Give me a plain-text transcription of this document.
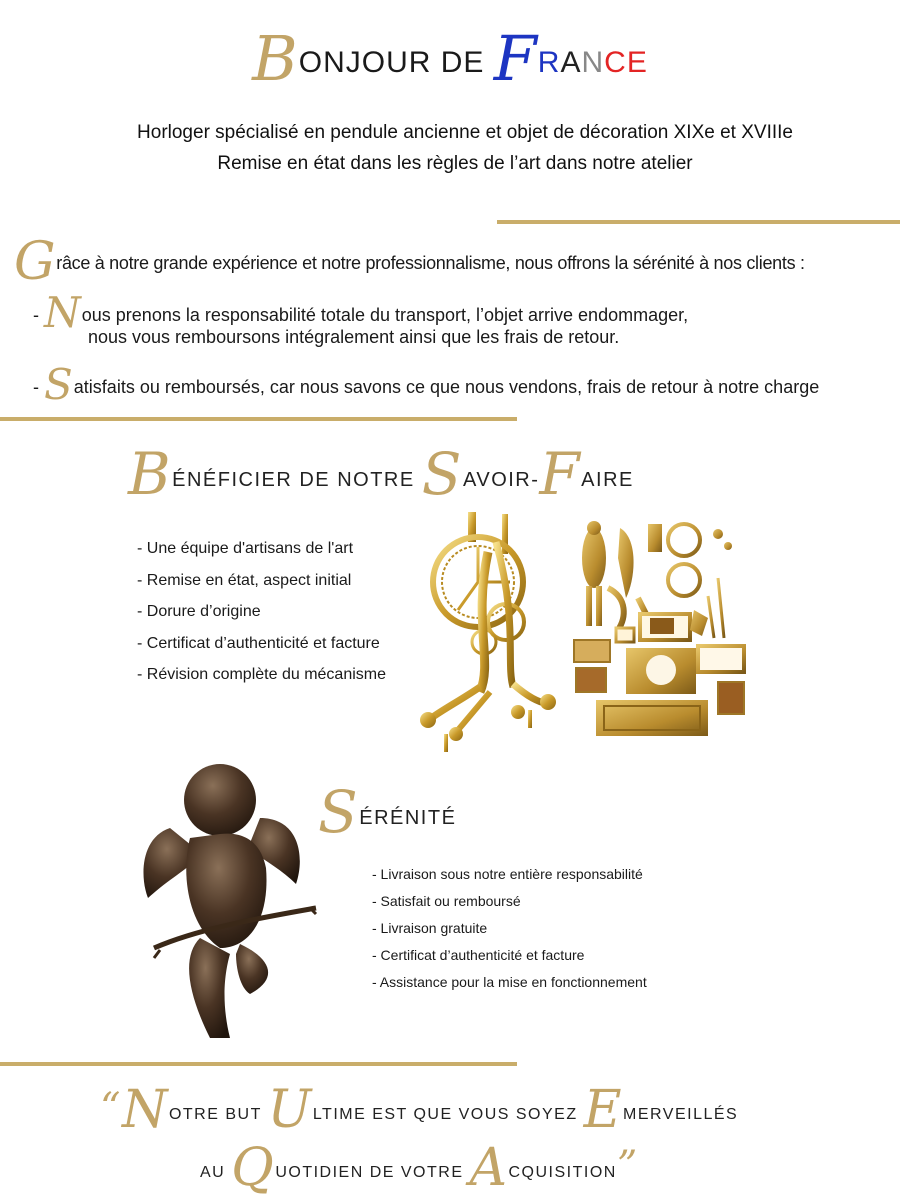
BONJOUR DE FRANCE
Horloger spécialisé en pendule ancienne et objet de décoration XIXe et XVIIIe
Remise en état dans les règles de l’art dans notre atelier
Grâce à notre grande expérience et notre professionnalisme, nous offrons la sérénité à nos clients :
- Nous prenons la responsabilité totale du transport, l’objet arrive endommager,
nous vous remboursons intégralement ainsi que les frais de retour.
- Satisfaits ou remboursés, car nous savons ce que nous vendons, frais de retour à notre charge
BÉNÉFICIER DE NOTRE SAVOIR-FAIRE
- Une équipe d'artisans de l'art
- Remise en état, aspect initial
- Dorure d’origine
- Certificat d’authenticité et facture
- Révision complète du mécanisme
SÉRÉNITÉ
- Livraison sous notre entière responsabilité
- Satisfait ou remboursé
- Livraison gratuite
- Certificat d’authenticité et facture
- Assistance pour la mise en fonctionnement
“NOTRE BUT ULTIME EST QUE VOUS SOYEZ EMERVEILLÉS
AU QUOTIDIEN DE VOTRE ACQUISITION”
